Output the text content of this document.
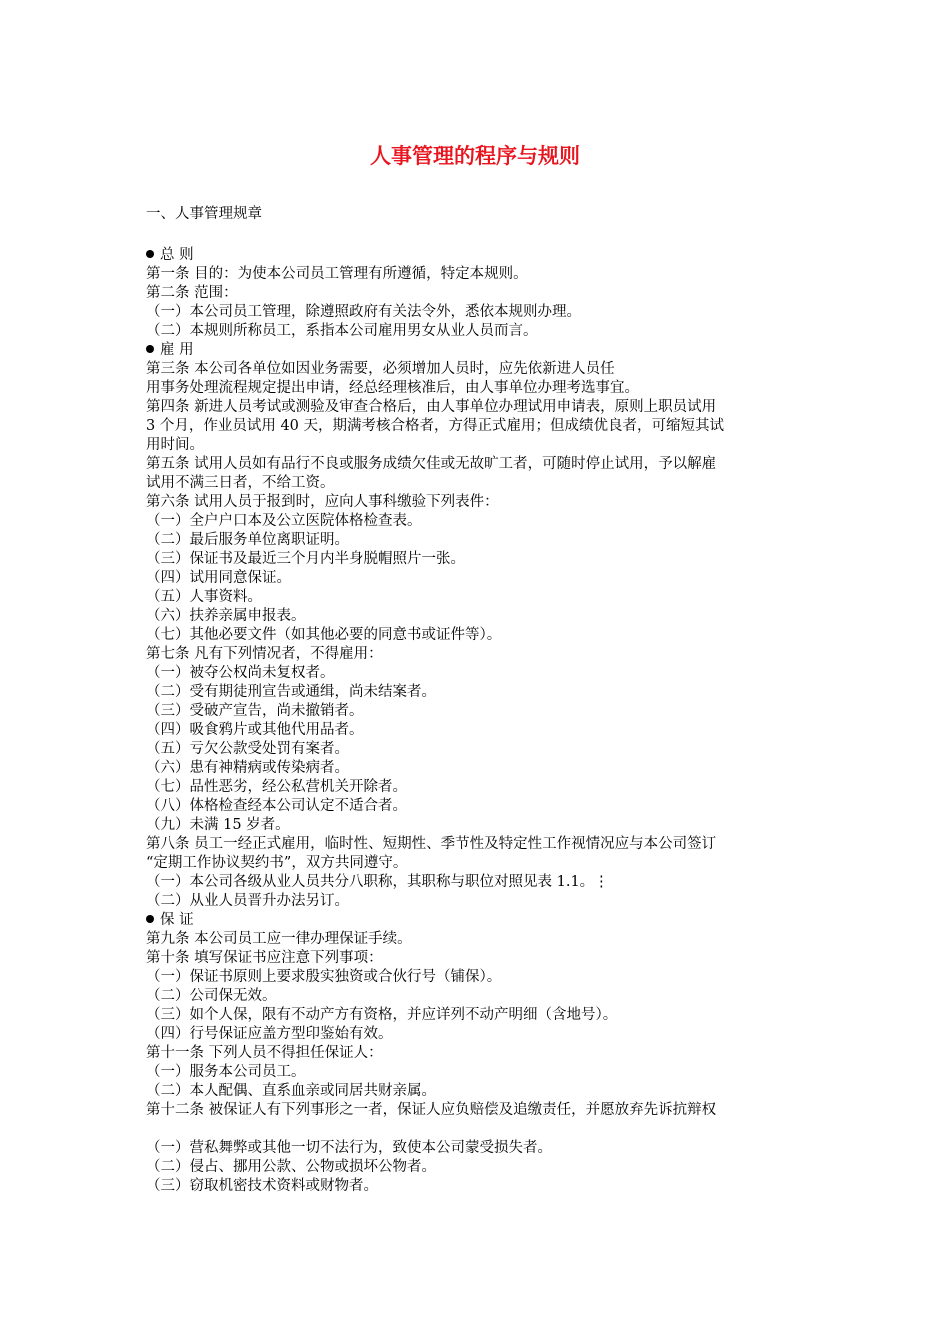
人事管理的程序与规则
一、人事管理规章
总 则
第一条 目的：为使本公司员工管理有所遵循，特定本规则。
第二条 范围：
（一）本公司员工管理，除遵照政府有关法令外，悉依本规则办理。
（二）本规则所称员工，系指本公司雇用男女从业人员而言。
雇 用
第三条 本公司各单位如因业务需要，必须增加人员时，应先依新进人员任
用事务处理流程规定提出申请，经总经理核准后，由人事单位办理考选事宜。
第四条 新进人员考试或测验及审查合格后，由人事单位办理试用申请表，原则上职员试用
3 个月，作业员试用 40 天，期满考核合格者，方得正式雇用；但成绩优良者，可缩短其试
用时间。
第五条 试用人员如有品行不良或服务成绩欠佳或无故旷工者，可随时停止试用，予以解雇
试用不满三日者，不给工资。
第六条 试用人员于报到时，应向人事科缴验下列表件：
（一）全户户口本及公立医院体格检查表。
（二）最后服务单位离职证明。
（三）保证书及最近三个月内半身脱帽照片一张。
（四）试用同意保证。
（五）人事资料。
（六）扶养亲属申报表。
（七）其他必要文件（如其他必要的同意书或证件等）。
第七条 凡有下列情况者，不得雇用：
（一）被夺公权尚未复权者。
（二）受有期徒刑宣告或通缉，尚未结案者。
（三）受破产宣告，尚未撤销者。
（四）吸食鸦片或其他代用品者。
（五）亏欠公款受处罚有案者。
（六）患有神精病或传染病者。
（七）品性恶劣，经公私营机关开除者。
（八）体格检查经本公司认定不适合者。
（九）未满 15 岁者。
第八条 员工一经正式雇用，临时性、短期性、季节性及特定性工作视情况应与本公司签订
“定期工作协议契约书”，双方共同遵守。
（一）本公司各级从业人员共分八职称，其职称与职位对照见表 1.1。⋮
（二）从业人员晋升办法另订。
保 证
第九条 本公司员工应一律办理保证手续。
第十条 填写保证书应注意下列事项：
（一）保证书原则上要求殷实独资或合伙行号（铺保）。
（二）公司保无效。
（三）如个人保，限有不动产方有资格，并应详列不动产明细（含地号）。
（四）行号保证应盖方型印鉴始有效。
第十一条 下列人员不得担任保证人：
（一）服务本公司员工。
（二）本人配偶、直系血亲或同居共财亲属。
第十二条 被保证人有下列事形之一者，保证人应负赔偿及追缴责任，并愿放弃先诉抗辩权
（一）营私舞弊或其他一切不法行为，致使本公司蒙受损失者。
（二）侵占、挪用公款、公物或损坏公物者。
（三）窃取机密技术资料或财物者。
